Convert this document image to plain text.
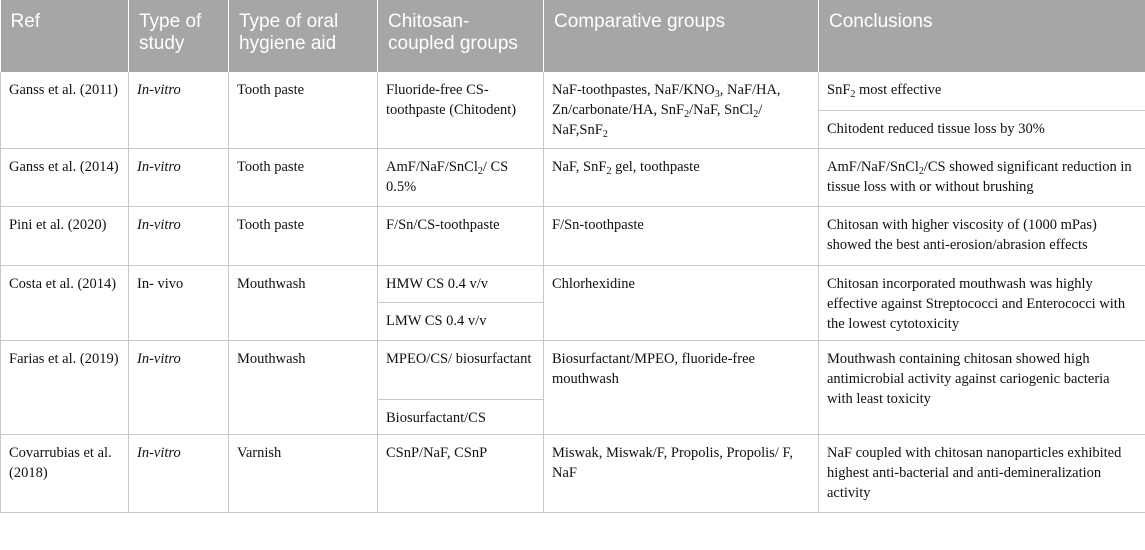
Ref	Type of study	Type of oral hygiene aid	Chitosan-coupled groups	Comparative groups	Conclusions
Ganss et al. (2011)	In-vitro	Tooth paste	Fluoride-free CS-toothpaste (Chitodent)	NaF-toothpastes, NaF/$KNO_3$, NaF/HA, Zn/carbonate/HA, SnF$_2$/NaF, SnCl$_2$/ NaF,SnF$_2$	SnF$_2$ most effective
					Chitodent reduced tissue loss by 30%
Ganss et al. (2014)	In-vitro	Tooth paste	AmF/NaF/SnCl$_2$/ CS 0.5%	NaF, SnF$_2$ gel, toothpaste	AmF/NaF/SnCl$_2$/CS showed significant reduction in tissue loss with or without brushing
Pini et al. (2020)	In-vitro	Tooth paste	F/Sn/CS-toothpaste	F/Sn-toothpaste	Chitosan with higher viscosity of (1000 mPas) showed the best anti-erosion/abrasion effects
Costa et al. (2014)	In- vivo	Mouthwash	HMW CS 0.4 v/v	Chlorhexidine	Chitosan incorporated mouthwash was highly effective against Streptococci and Enterococci with the lowest cytotoxicity
			LMW CS 0.4 v/v		
Farias et al. (2019)	In-vitro	Mouthwash	MPEO/CS/ biosurfactant	Biosurfactant/MPEO, fluoride-free mouthwash	Mouthwash containing chitosan showed high antimicrobial activity against cariogenic bacteria with least toxicity
			Biosurfactant/CS		
Covarrubias et al. (2018)	In-vitro	Varnish	CSnP/NaF, CSnP	Miswak, Miswak/F, Propolis, Propolis/ F, NaF	NaF coupled with chitosan nanoparticles exhibited highest anti-bacterial and anti-demineralization activity
